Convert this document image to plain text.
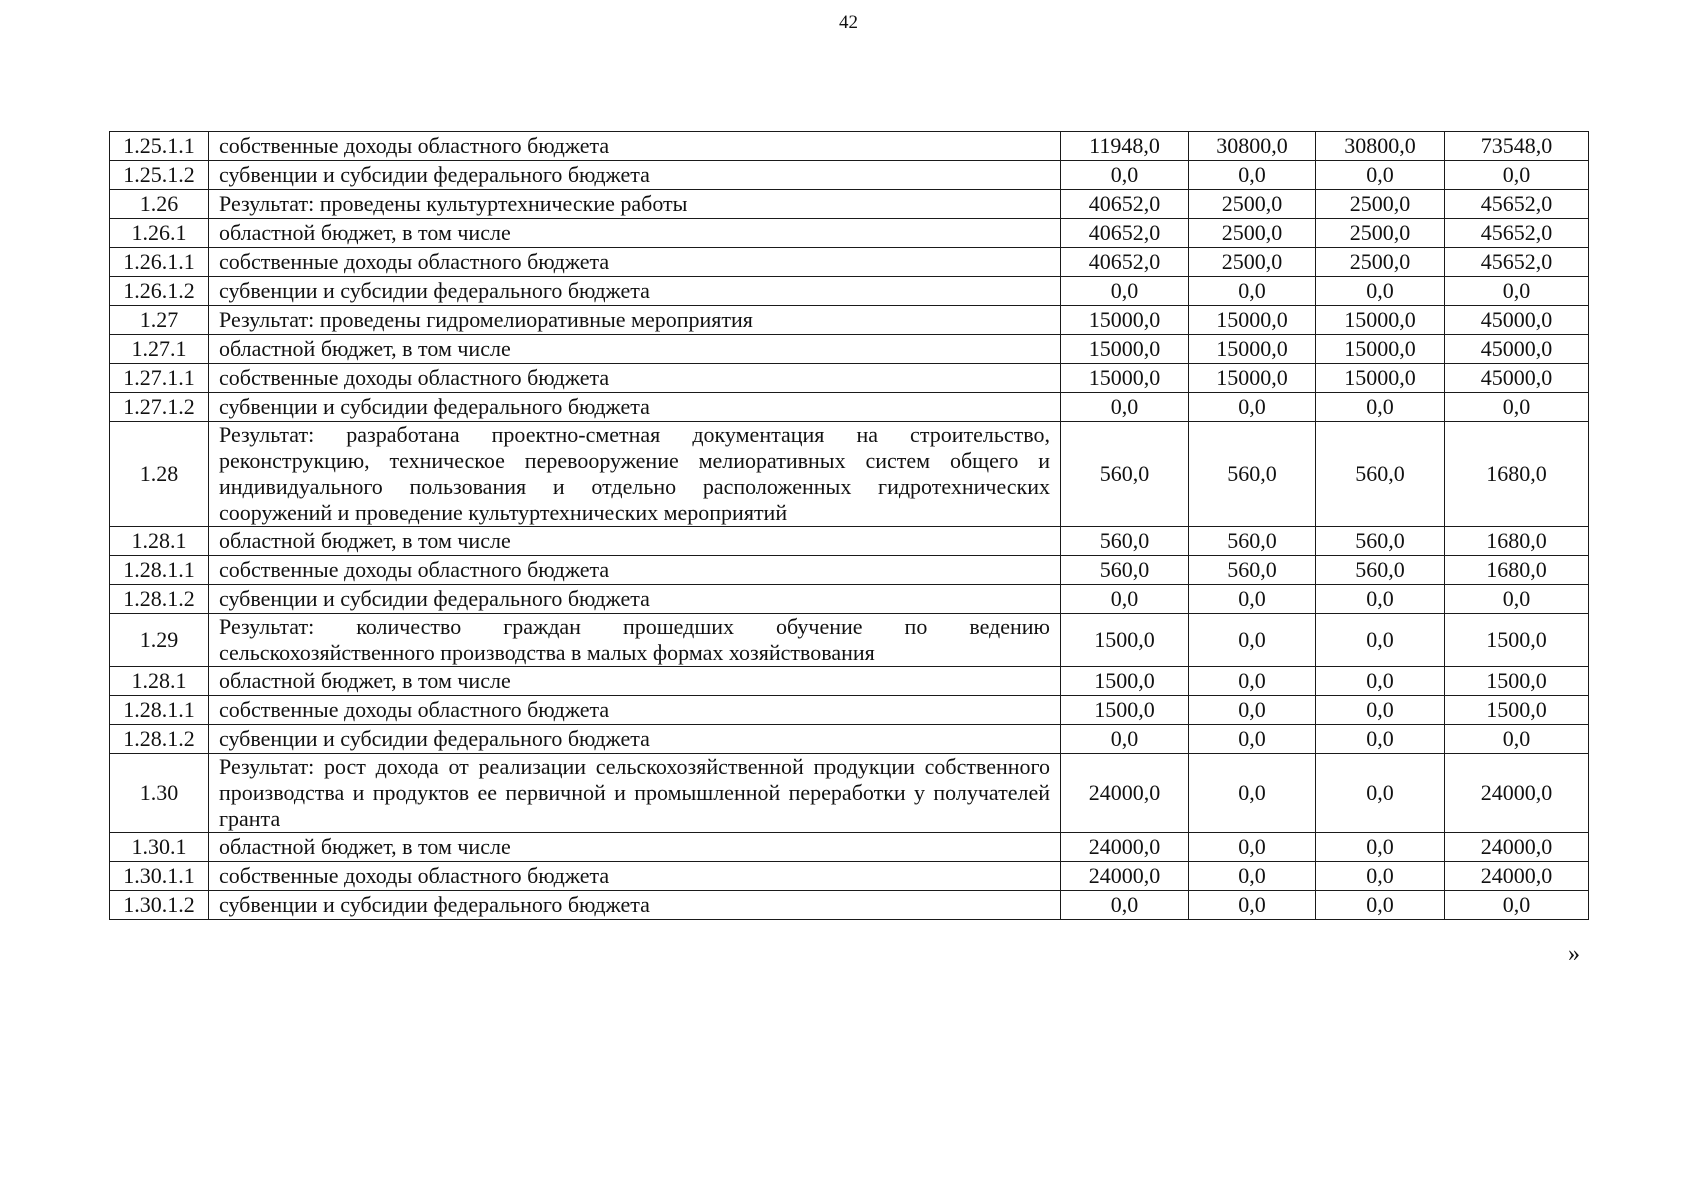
42
1.25.1.1	собственные доходы областного бюджета	11948,0	30800,0	30800,0	73548,0
1.25.1.2	субвенции и субсидии федерального бюджета	0,0	0,0	0,0	0,0
1.26	Результат: проведены культуртехнические работы	40652,0	2500,0	2500,0	45652,0
1.26.1	областной бюджет, в том числе	40652,0	2500,0	2500,0	45652,0
1.26.1.1	собственные доходы областного бюджета	40652,0	2500,0	2500,0	45652,0
1.26.1.2	субвенции и субсидии федерального бюджета	0,0	0,0	0,0	0,0
1.27	Результат: проведены гидромелиоративные мероприятия	15000,0	15000,0	15000,0	45000,0
1.27.1	областной бюджет, в том числе	15000,0	15000,0	15000,0	45000,0
1.27.1.1	собственные доходы областного бюджета	15000,0	15000,0	15000,0	45000,0
1.27.1.2	субвенции и субсидии федерального бюджета	0,0	0,0	0,0	0,0
1.28	Результат: разработана проектно-сметная документация на строительство, реконструкцию, техническое перевооружение мелиоративных систем общего и индивидуального пользования и отдельно расположенных гидротехнических сооружений и проведение культуртехнических мероприятий	560,0	560,0	560,0	1680,0
1.28.1	областной бюджет, в том числе	560,0	560,0	560,0	1680,0
1.28.1.1	собственные доходы областного бюджета	560,0	560,0	560,0	1680,0
1.28.1.2	субвенции и субсидии федерального бюджета	0,0	0,0	0,0	0,0
1.29	Результат: количество граждан прошедших обучение по ведению сельскохозяйственного производства в малых формах хозяйствования	1500,0	0,0	0,0	1500,0
1.28.1	областной бюджет, в том числе	1500,0	0,0	0,0	1500,0
1.28.1.1	собственные доходы областного бюджета	1500,0	0,0	0,0	1500,0
1.28.1.2	субвенции и субсидии федерального бюджета	0,0	0,0	0,0	0,0
1.30	Результат: рост дохода от реализации сельскохозяйственной продукции собственного производства и продуктов ее первичной и промышленной переработки у получателей гранта	24000,0	0,0	0,0	24000,0
1.30.1	областной бюджет, в том числе	24000,0	0,0	0,0	24000,0
1.30.1.1	собственные доходы областного бюджета	24000,0	0,0	0,0	24000,0
1.30.1.2	субвенции и субсидии федерального бюджета	0,0	0,0	0,0	0,0
»
